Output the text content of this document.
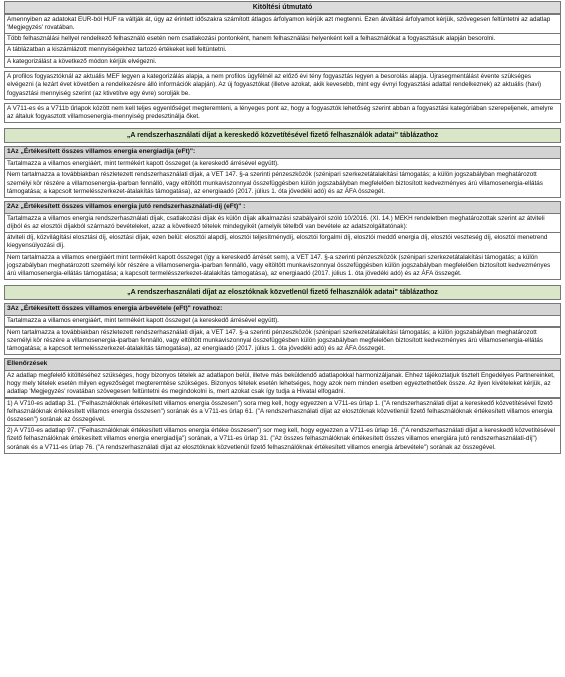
Kitöltési útmutató
Amennyiben az adatokat EUR-ból HUF ra váltják át, úgy az érintett időszakra számított átlagos árfolyamon kérjük azt megtenni. Ezen átváltási árfolyamot kérjük, szövegesen feltüntetni az adatlap 'Megjegyzés' rovatában.
Több felhasználási hellyel rendelkező felhasználó esetén nem csatlakozási pontonként, hanem felhasználási helyenként kell a felhasználókat a fogyasztásuk alapján besorolni.
A táblázatban a kiszámlázott mennyiségekhez tartozó értékeket kell feltüntetni.
A kategorizálást a következő módon kérjük elvégezni.
A profilos fogyasztóknál az aktuális MEF legyen a kategorizálás alapja, a nem profilos ügyfélnél az előző évi tény fogyasztás legyen a besorolás alapja. Újrasegmentálást évente szükséges elvégezni (a lezárt évet követően a rendelkezésre álló információk alapján). Az új fogyasztókat (illetve azokat, akik kevesebb, mint egy évnyi fogyasztási adattal rendelkeznek) az aktuális (havi) fogyasztási mennyiség szerint (az ktivetítve egy évre) sorolják be.
A V711-es és a V711b űrlapok között nem kell teljes egyenlőséget megteremteni, a lényeges pont az, hogy a fogyasztók lehetőség szerint abban a fogyasztási kategóriában szerepeljenek, amelyre az általuk fogyasztott villamosenergia-mennyiség predesztinálja őket.
„A rendszerhasználati díjat a kereskedő közvetítésével fizető felhasználók adatai" táblázathoz
1Az „Értékesített összes villamos energia energiadíja (eFt)":
Tartalmazza a villamos energiáért, mint termékért kapott összeget (a kereskedő árrésével együtt).
Nem tartalmazza a továbbiakban részletezett rendszerhasználati díjak, a VET 147. §-a szerinti pénzeszközök (szénipari szerkezetátalakítási támogatás; a külön jogszabályban meghatározott személyi kör részére a villamosenergia-iparban fennálló, vagy eltöltött munkaviszonnyal összefüggésben külön jogszabályban megfelelően biztosított kedvezményes árú villamosenergia-ellátás támogatása; a kapcsolt termelésszerkezet-átalakítás támogatása), az energiaadó (2017. július 1. óta jövedéki adó) és az ÁFA összegét.
2Az „Értékesített összes villamos energia jutó rendszerhasználati-díj (eFt)" :
Tartalmazza a villamos energia rendszerhasználati díjak, csatlakozási díjak és külön díjak alkalmazási szabályairól szóló 10/2016. (XI. 14.) MEKH rendeletben meghatározottak szerint az átviteli díjból és az elosztói díjakból származó bevételeket, azaz a következő tételek mindegyikét (amelyik tételből van bevétele az adatszolgáltatónak):
átviteli díj, közvilágítási elosztási díj, elosztási díjak, ezen belül: elosztói alapdíj, elosztói teljesítménydíj, elosztói forgalmi díj, elosztói meddő energia díj, elosztói veszteség díj, elosztói menetrend kiegyensúlyozási díj.
Nem tartalmazza a villamos energiáért mint termékért kapott összeget (így a kereskedő árrését sem), a VET 147. §-a szerinti pénzeszközök (szénipari szerkezetátalakítási támogatás; a külön jogszabályban meghatározott személyi kör részére a villamosenergia-iparban fennálló, vagy eltöltött munkaviszonnyal összefüggésben külön jogszabályban megfelelően biztosított kedvezményes árú villamosenergia-ellátás támogatása; a kapcsolt termelésszerkezet-átalakítás támogatása), az energiaadó (2017. július 1. óta jövedéki adó) és az ÁFA összegét.
„A rendszerhasználati díjat az elosztóknak közvetlenül fizető felhasználók adatai" táblázathoz
3Az „Értékesített összes villamos energia árbevétele (eFt)" rovathoz:
Tartalmazza a villamos energiáért, mint termékért kapott összeget (a kereskedő árrésével együtt).
Nem tartalmazza a továbbiakban részletezett rendszerhasználati díjak, a VET 147. §-a szerinti pénzeszközök (szénipari szerkezetátalakítási támogatás; a külön jogszabályban meghatározott személyi kör részére a villamosenergia-iparban fennálló, vagy eltöltött munkaviszonnyal összefüggésben külön jogszabályban megfelelően biztosított kedvezményes árú villamosenergia-ellátás támogatása; a kapcsolt termelésszerkezet-átalakítás támogatása), az energiaadó (2017. július 1. óta jövedéki adó) és az ÁFA összegét.
Ellenőrzések
Az adatlap megfelelő kitöltéséhez szükséges, hogy bizonyos tételek az adatlapon belül, illetve más beküldendő adatlapokkal harmonizáljanak. Ehhez tájékoztatjuk tisztelt Engedélyes Partnereinket, hogy mely tételek esetén milyen egyezőséget megteremtése szükséges. Bizonyos tételek esetén lehetséges, hogy azok nem minden esetben egyeztethetőek össze. Az ilyen kivételeket kérjük, az adatlap 'Megjegyzés' rovatában szövegesen feltüntetni és megindokolni is, mert azokat csak így tudja a Hivatal elfogadni.
1) A V710-es adatlap 31. ("Felhasználóknak értékesített villamos energia összesen") sora meg kell, hogy egyezzen a V711-es ûrlap 1. ("A rendszerhasználati díjat a kereskedő közvetítésével fizető felhasználóknak értékesített villamos energia összesen") sorának és a V711-es ûrlap 61. ("A rendszerhasználati díjat az elosztóknak közvetlenül fizető felhasználóknak értékesített villamos energia összesen") sorának az összegével.
2) A V710-es adatlap 97. ("Felhasználóknak értékesített villamos energia értéke összesen") sor meg kell, hogy egyezzen a V711-es ûrlap 16. ("A rendszerhasználati díjat a kereskedő közvetítésével fizető felhasználóknak értékesített villamos energia energiadíja") sorának, a V711-es ûrlap 31. ("Az összes felhasználóknak értékesített összes villamos energiára jutó rendszerhasználati-díj") sorának és a V711-es ûrlap 76. ("A rendszerhasználati díjat az elosztóknak közvetlenül fizető felhasználóknak értékesített villamos energia árbevétele") sorának az összegével.
